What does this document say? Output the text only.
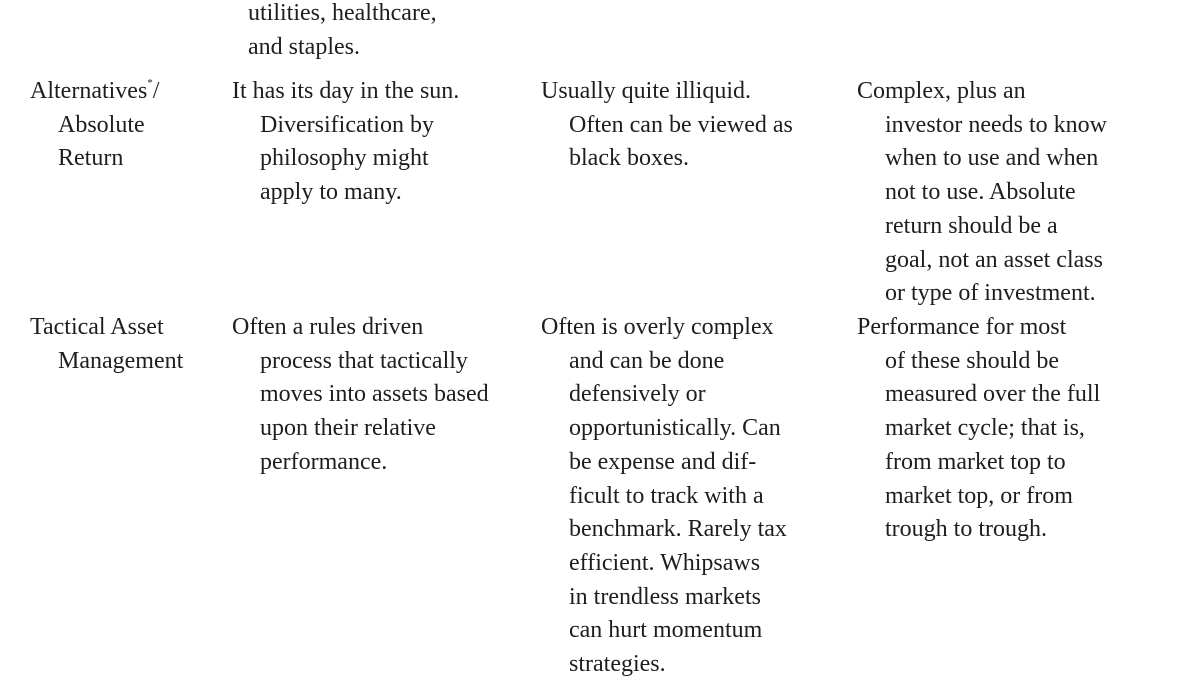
utilities, healthcare,
and staples.
Alternatives*/
Absolute
Return
It has its day in the sun.
Diversification by
philosophy might
apply to many.
Usually quite illiquid.
Often can be viewed as
black boxes.
Complex, plus an
investor needs to know
when to use and when
not to use. Absolute
return should be a
goal, not an asset class
or type of investment.
Tactical Asset
Management
Often a rules driven
process that tactically
moves into assets based
upon their relative
performance.
Often is overly complex
and can be done
defensively or
opportunistically. Can
be expense and dif-
ficult to track with a
benchmark. Rarely tax
efficient. Whipsaws
in trendless markets
can hurt momentum
strategies.
Performance for most
of these should be
measured over the full
market cycle; that is,
from market top to
market top, or from
trough to trough.
